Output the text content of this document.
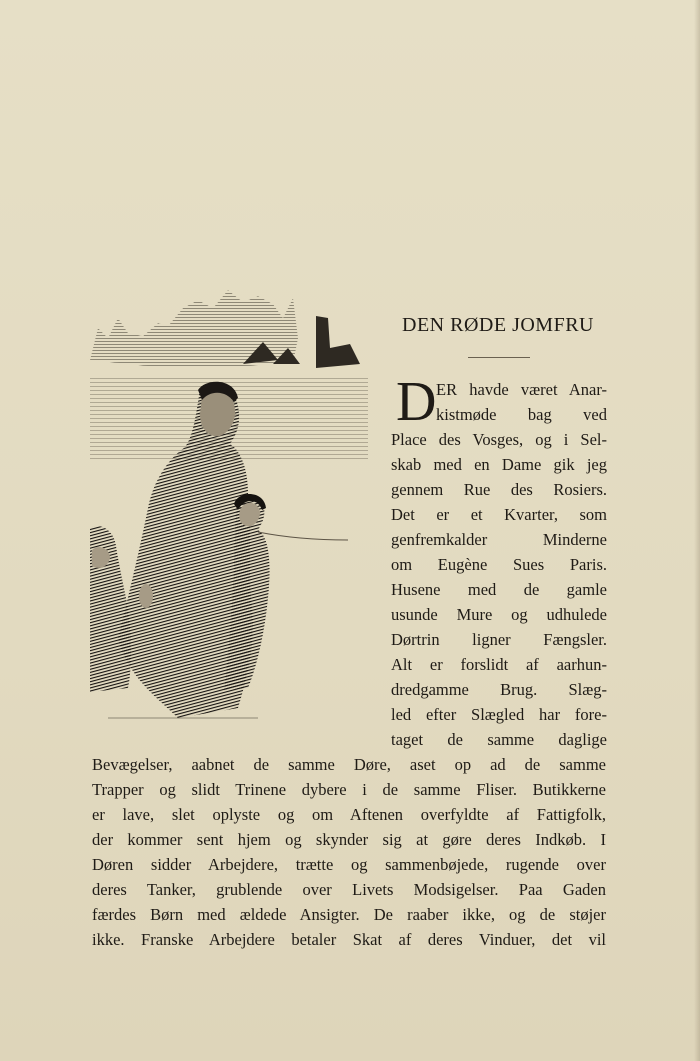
DEN RØDE JOMFRU
D ER havde været Anar-
kistmøde bag ved
Place des Vosges, og i Sel-
skab med en Dame gik jeg
gennem Rue des Rosiers.
Det er et Kvarter, som
genfremkalder Minderne
om Eugène Sues Paris.
Husene med de gamle
usunde Mure og udhulede
Dørtrin ligner Fængsler.
Alt er forslidt af aarhun-
dredgamme Brug. Slæg-
led efter Slægled har fore-
taget de samme daglige
Bevægelser, aabnet de samme Døre, aset op ad de samme
Trapper og slidt Trinene dybere i de samme Fliser. Butikkerne
er lave, slet oplyste og om Aftenen overfyldte af Fattigfolk,
der kommer sent hjem og skynder sig at gøre deres Indkøb. I
Døren sidder Arbejdere, trætte og sammenbøjede, rugende over
deres Tanker, grublende over Livets Modsigelser. Paa Gaden
færdes Børn med ældede Ansigter. De raaber ikke, og de støjer
ikke. Franske Arbejdere betaler Skat af deres Vinduer, det vil
